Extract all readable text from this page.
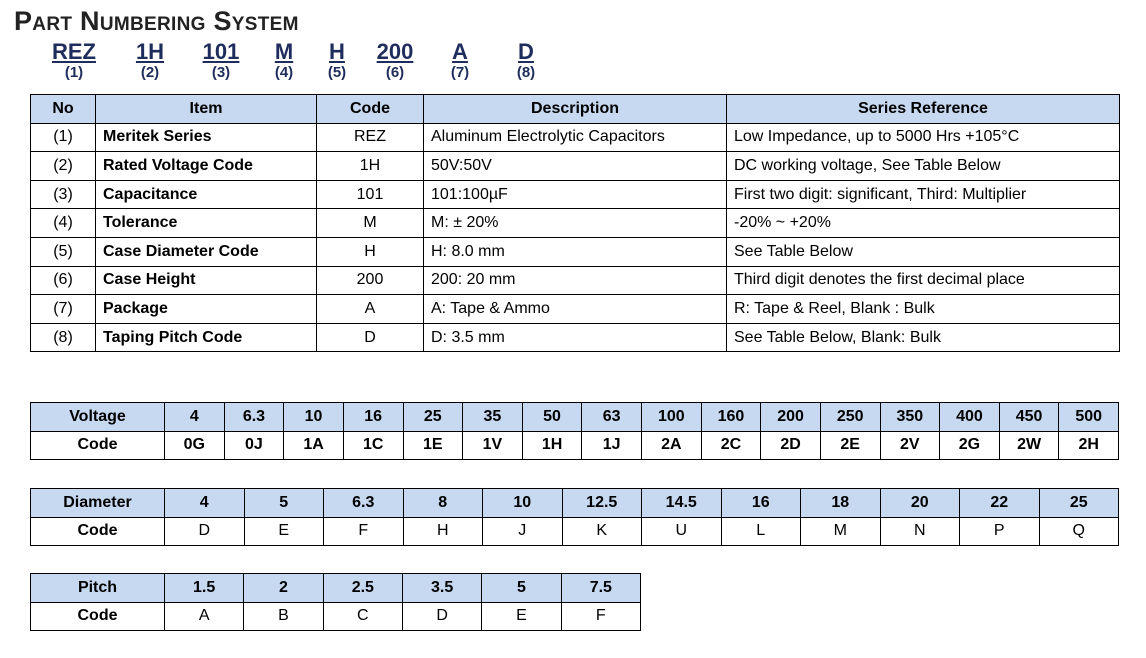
Part Numbering System
REZ
(1)
1H
(2)
101
(3)
M
(4)
H
(5)
200
(6)
A
(7)
D
(8)
No	Item	Code	Description	Series Reference
(1)	Meritek Series	REZ	Aluminum Electrolytic Capacitors	Low Impedance, up to 5000 Hrs +105°C
(2)	Rated Voltage Code	1H	50V:50V	DC working voltage, See Table Below
(3)	Capacitance	101	101:100µF	First two digit: significant, Third: Multiplier
(4)	Tolerance	M	M: ± 20%	-20% ~ +20%
(5)	Case Diameter Code	H	H: 8.0 mm	See Table Below
(6)	Case Height	200	200: 20 mm	Third digit denotes the first decimal place
(7)	Package	A	A: Tape & Ammo	R: Tape & Reel, Blank : Bulk
(8)	Taping Pitch Code	D	D: 3.5 mm	See Table Below, Blank: Bulk
Voltage	4	6.3	10	16	25	35	50	63	100	160	200	250	350	400	450	500
Code	0G	0J	1A	1C	1E	1V	1H	1J	2A	2C	2D	2E	2V	2G	2W	2H
Diameter	4	5	6.3	8	10	12.5	14.5	16	18	20	22	25
Code	D	E	F	H	J	K	U	L	M	N	P	Q
Pitch	1.5	2	2.5	3.5	5	7.5
Code	A	B	C	D	E	F
